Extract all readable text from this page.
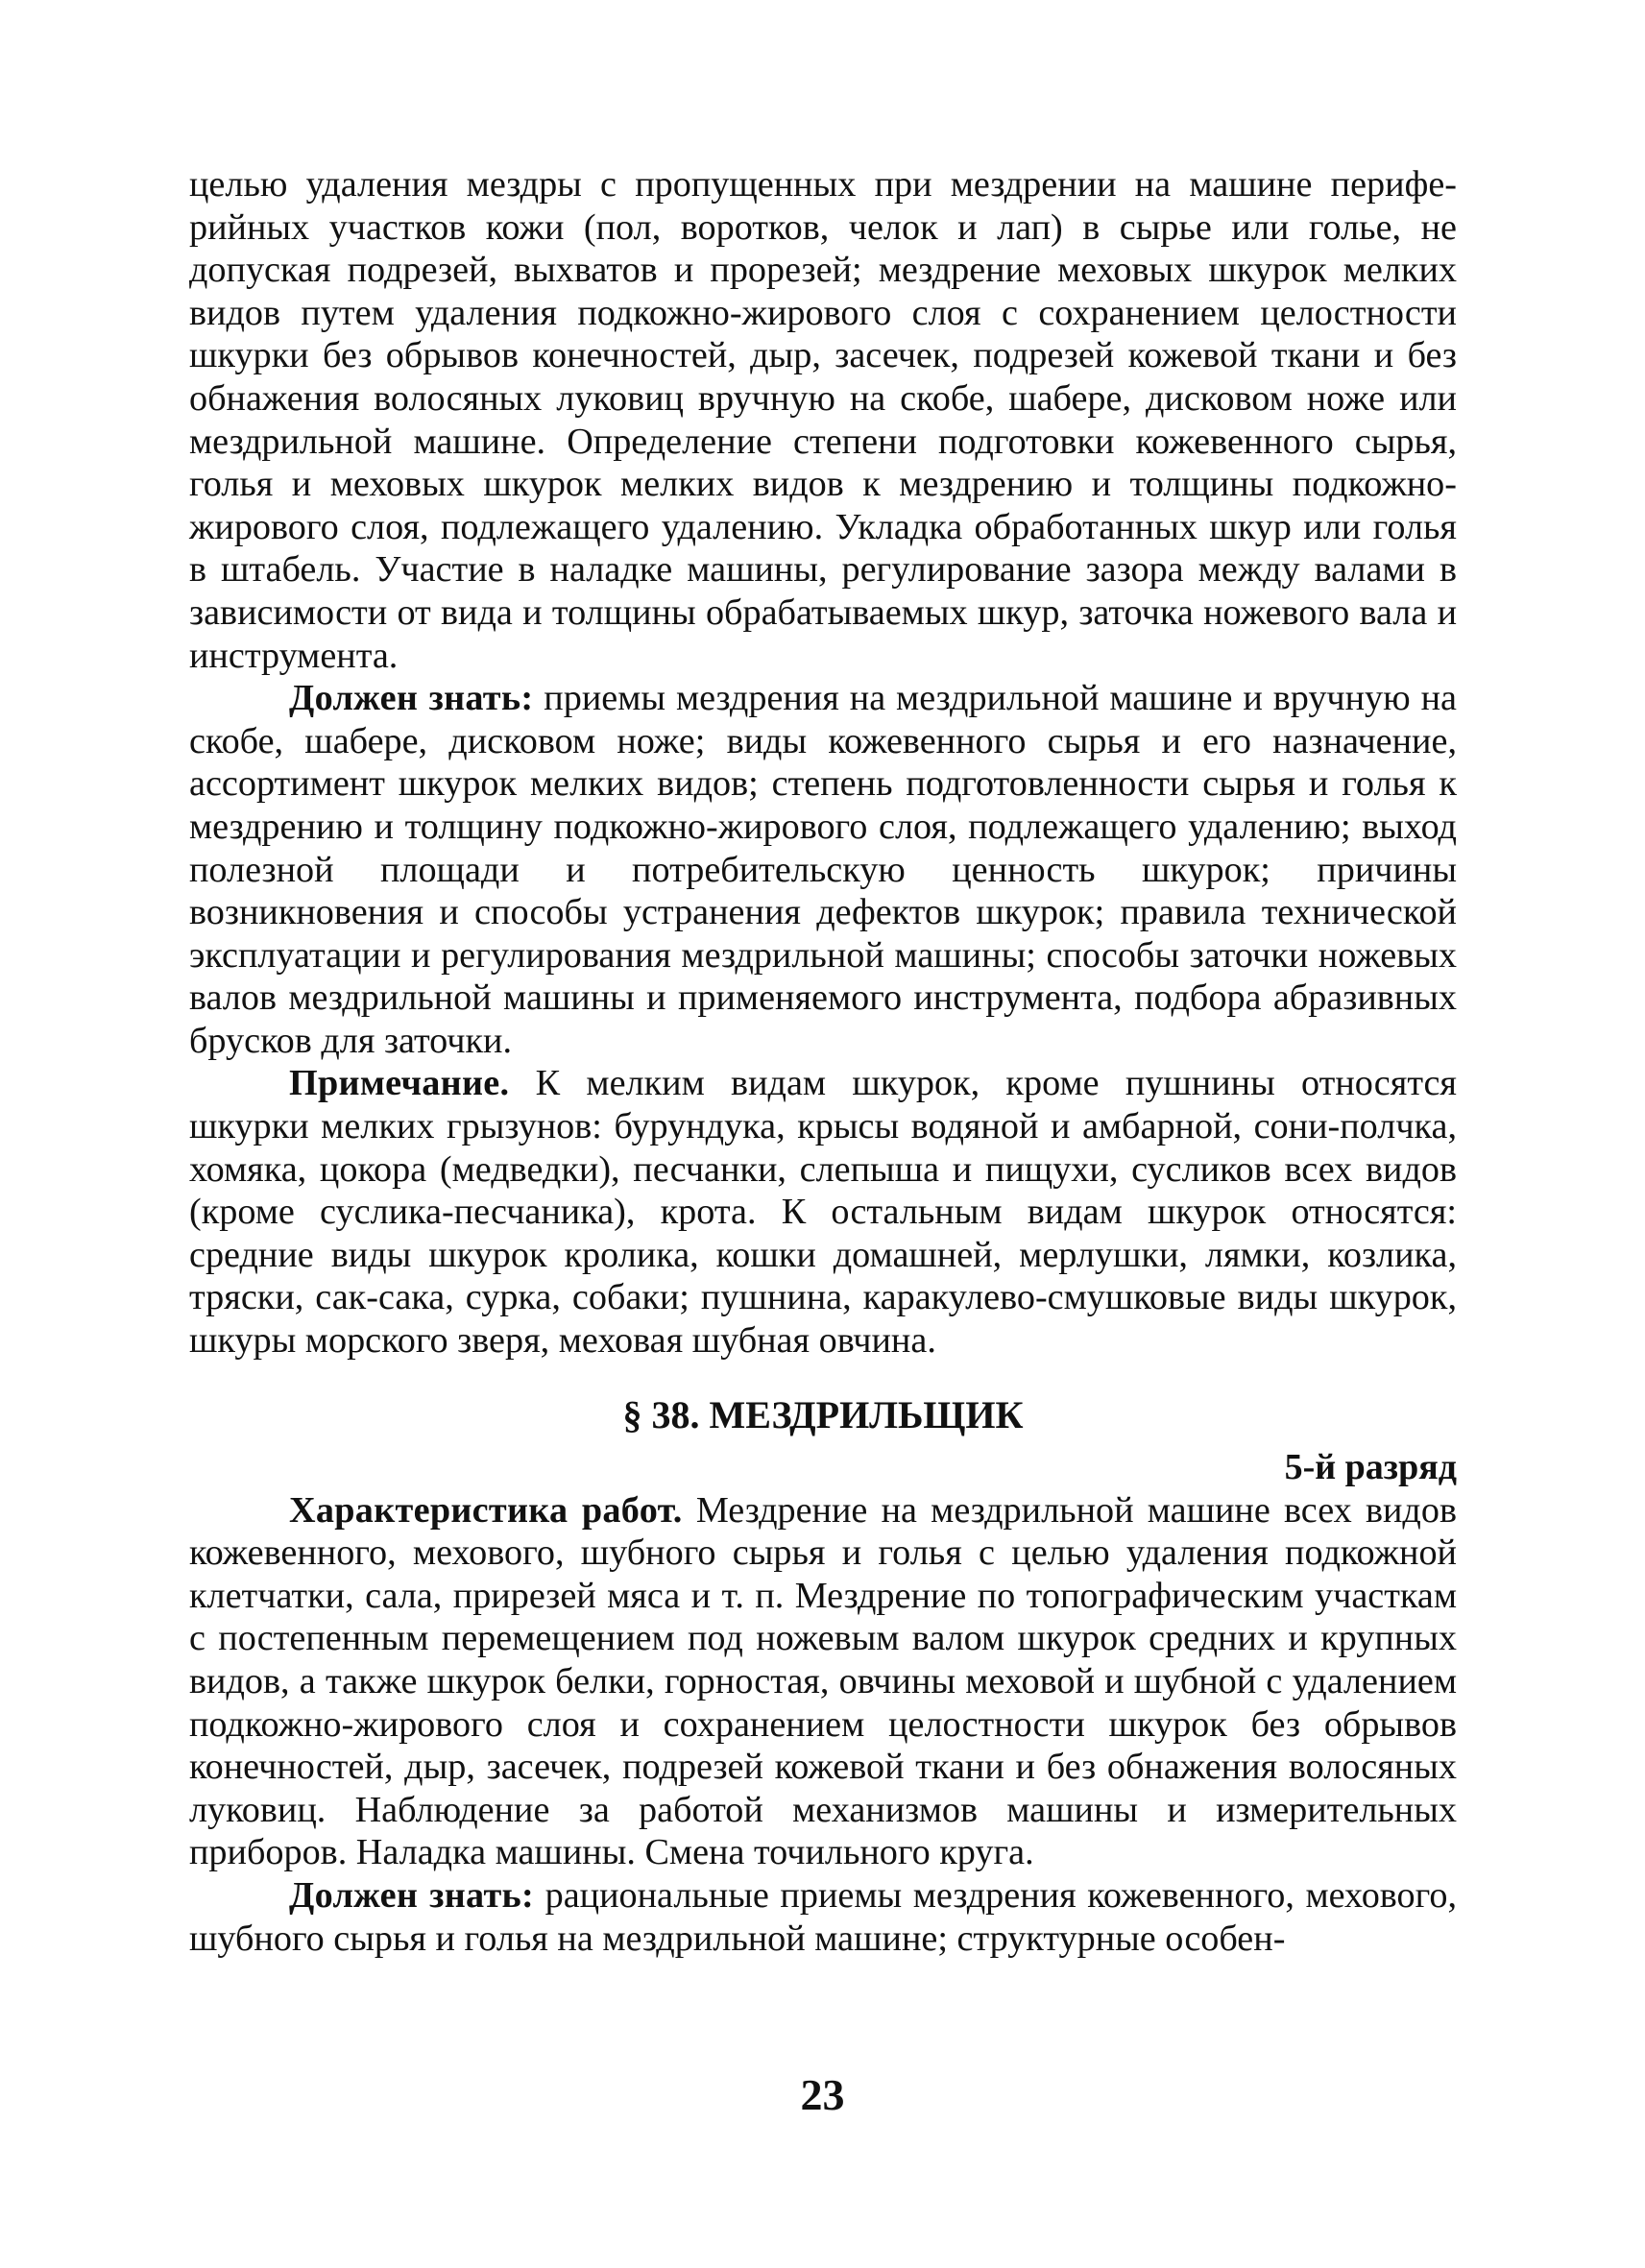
целью удаления мездры с пропущенных при мездрении на машине периферийных участков кожи (пол, воротков, челок и лап) в сырье или голье, не допуская подрезей, выхватов и прорезей; мездрение меховых шкурок мелких видов путем удаления подкожно-жирового слоя с сохранением целостности шкурки без обрывов конечностей, дыр, засечек, подрезей кожевой ткани и без обнажения волосяных луковиц вручную на скобе, шабере, дисковом ноже или мездрильной машине. Определение степени подготовки кожевенного сырья, голья и меховых шкурок мелких видов к мездрению и толщины подкожно-жирового слоя, подлежащего удалению. Укладка обработанных шкур или голья в штабель. Участие в наладке машины, регулирование зазора между валами в зависимости от вида и толщины обрабатываемых шкур, заточка ножевого вала и инструмента.

Должен знать: приемы мездрения на мездрильной машине и вручную на скобе, шабере, дисковом ноже; виды кожевенного сырья и его назначение, ассортимент шкурок мелких видов; степень подготовленности сырья и голья к мездрению и толщину подкожно-жирового слоя, подлежащего удалению; выход полезной площади и потребительскую ценность шкурок; причины возникновения и способы устранения дефектов шкурок; правила технической эксплуатации и регулирования мездрильной машины; способы заточки ножевых валов мездрильной машины и применяемого инструмента, подбора абразивных брусков для заточки.

Примечание. К мелким видам шкурок, кроме пушнины относятся шкурки мелких грызунов: бурундука, крысы водяной и амбарной, сони-полчка, хомяка, цокора (медведки), песчанки, слепыша и пищухи, сусликов всех видов (кроме суслика-песчаника), крота. К остальным видам шкурок относятся: средние виды шкурок кролика, кошки домашней, мерлушки, лямки, козлика, тряски, сак-сака, сурка, собаки; пушнина, каракулево-смушковые виды шкурок, шкуры морского зверя, меховая шубная овчина.

§ 38. МЕЗДРИЛЬЩИК
5-й разряд

Характеристика работ. Мездрение на мездрильной машине всех видов кожевенного, мехового, шубного сырья и голья с целью удаления подкожной клетчатки, сала, прирезей мяса и т. п. Мездрение по топографическим участкам с постепенным перемещением под ножевым валом шкурок средних и крупных видов, а также шкурок белки, горностая, овчины меховой и шубной с удалением подкожно-жирового слоя и сохранением целостности шкурок без обрывов конечностей, дыр, засечек, подрезей кожевой ткани и без обнажения волосяных луковиц. Наблюдение за работой механизмов машины и измерительных приборов. Наладка машины. Смена точильного круга.

Должен знать: рациональные приемы мездрения кожевенного, мехового, шубного сырья и голья на мездрильной машине; структурные особен-

23
